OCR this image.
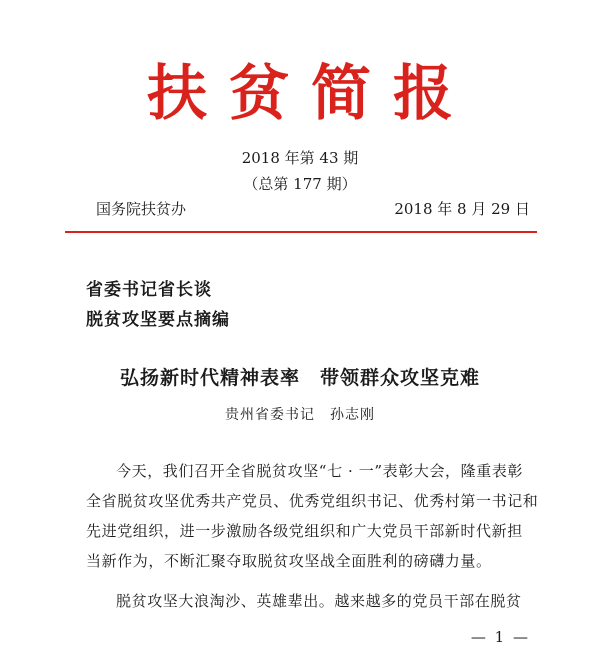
扶贫简报
2018 年第 43 期
（总第 177 期）
国务院扶贫办	2018 年 8 月 29 日
省委书记省长谈
脱贫攻坚要点摘编
弘扬新时代精神表率　带领群众攻坚克难
贵州省委书记　孙志刚
今天，我们召开全省脱贫攻坚“七 · 一”表彰大会，隆重表彰
全省脱贫攻坚优秀共产党员、优秀党组织书记、优秀村第一书记和
先进党组织，进一步激励各级党组织和广大党员干部新时代新担
当新作为，不断汇聚夺取脱贫攻坚战全面胜利的磅礴力量。
脱贫攻坚大浪淘沙、英雄辈出。越来越多的党员干部在脱贫
— 1 —
